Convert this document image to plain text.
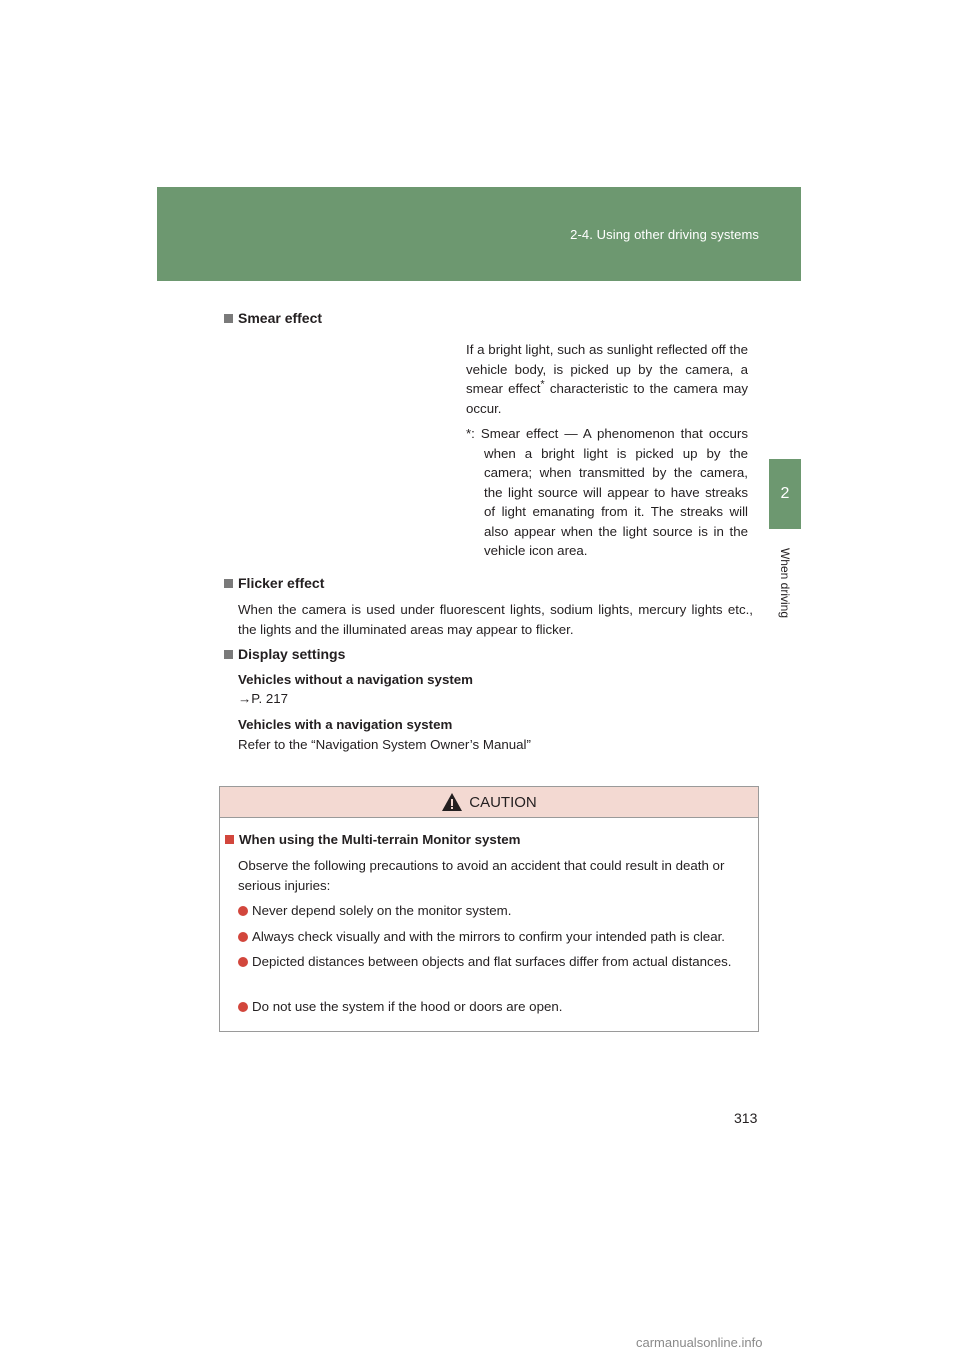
2-4. Using other driving systems
2
When driving
Smear effect
If a bright light, such as sunlight reflected off the vehicle body, is picked up by the camera, a smear effect* characteristic to the camera may occur.
*: Smear effect — A phenomenon that occurs when a bright light is picked up by the camera; when transmitted by the camera, the light source will appear to have streaks of light emanating from it. The streaks will also appear when the light source is in the vehicle icon area.
Flicker effect
When the camera is used under fluorescent lights, sodium lights, mercury lights etc., the lights and the illuminated areas may appear to flicker.
Display settings
Vehicles without a navigation system
→P. 217
Vehicles with a navigation system
Refer to the “Navigation System Owner’s Manual”
CAUTION
When using the Multi-terrain Monitor system
Observe the following precautions to avoid an accident that could result in death or serious injuries:
Never depend solely on the monitor system.
Always check visually and with the mirrors to confirm your intended path is clear.
Depicted distances between objects and flat surfaces differ from actual distances.
Do not use the system if the hood or doors are open.
313
carmanualsonline.info
